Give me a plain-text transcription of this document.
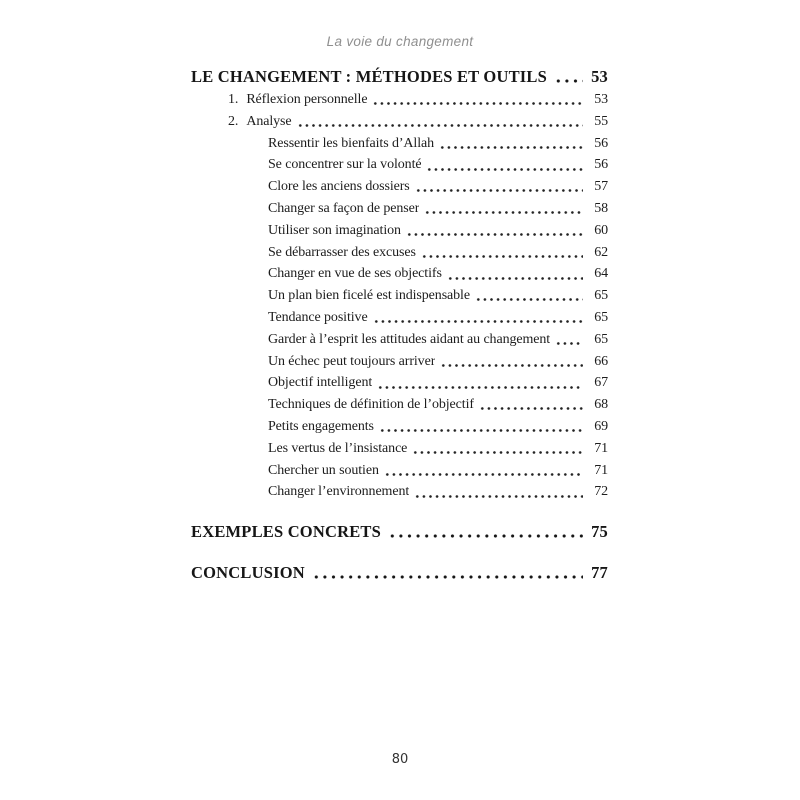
La voie du changement
LE CHANGEMENT : MÉTHODES ET OUTILS	53
1. Réflexion personnelle	53
2. Analyse	55
Ressentir les bienfaits d’Allah	56
Se concentrer sur la volonté	56
Clore les anciens dossiers	57
Changer sa façon de penser	58
Utiliser son imagination	60
Se débarrasser des excuses	62
Changer en vue de ses objectifs	64
Un plan bien ficelé est indispensable	65
Tendance positive	65
Garder à l’esprit les attitudes aidant au changement	65
Un échec peut toujours arriver	66
Objectif intelligent	67
Techniques de définition de l’objectif	68
Petits engagements	69
Les vertus de l’insistance	71
Chercher un soutien	71
Changer l’environnement	72
EXEMPLES CONCRETS	75
CONCLUSION	77
80
